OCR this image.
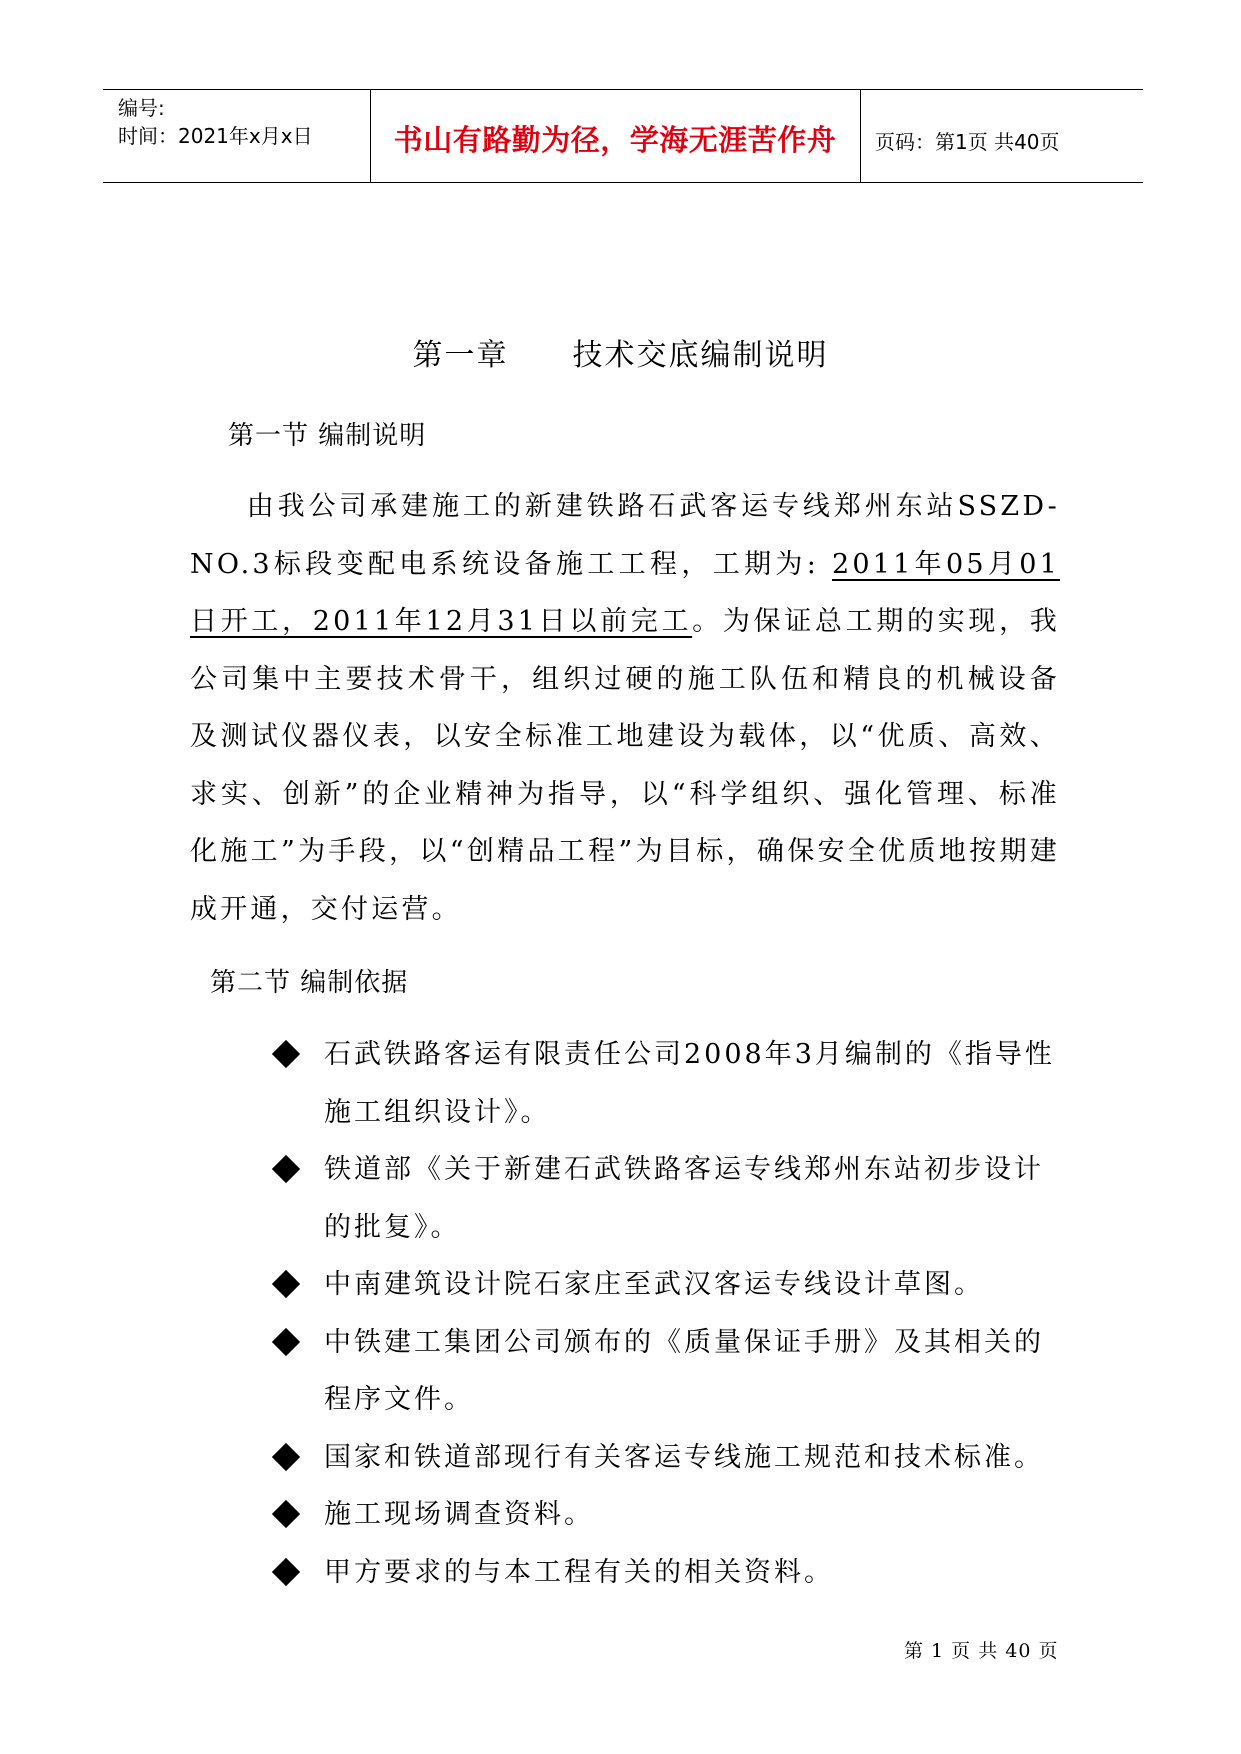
编号:
时间：2021年x月x日	书山有路勤为径，学海无涯苦作舟	页码：第1页 共40页
第一章　　技术交底编制说明
第一节 编制说明
由我公司承建施工的新建铁路石武客运专线郑州东站SSZD-NO.3标段变配电系统设备施工工程，工期为: 2011年05月01日开工，2011年12月31日以前完工。为保证总工期的实现，我公司集中主要技术骨干，组织过硬的施工队伍和精良的机械设备及测试仪器仪表，以安全标准工地建设为载体，以“优质、高效、求实、创新”的企业精神为指导，以“科学组织、强化管理、标准化施工”为手段，以“创精品工程”为目标，确保安全优质地按期建成开通，交付运营。
第二节 编制依据
石武铁路客运有限责任公司2008年3月编制的《指导性施工组织设计》。
铁道部《关于新建石武铁路客运专线郑州东站初步设计的批复》。
中南建筑设计院石家庄至武汉客运专线设计草图。
中铁建工集团公司颁布的《质量保证手册》及其相关的程序文件。
国家和铁道部现行有关客运专线施工规范和技术标准。
施工现场调查资料。
甲方要求的与本工程有关的相关资料。
第 1 页 共 40 页
